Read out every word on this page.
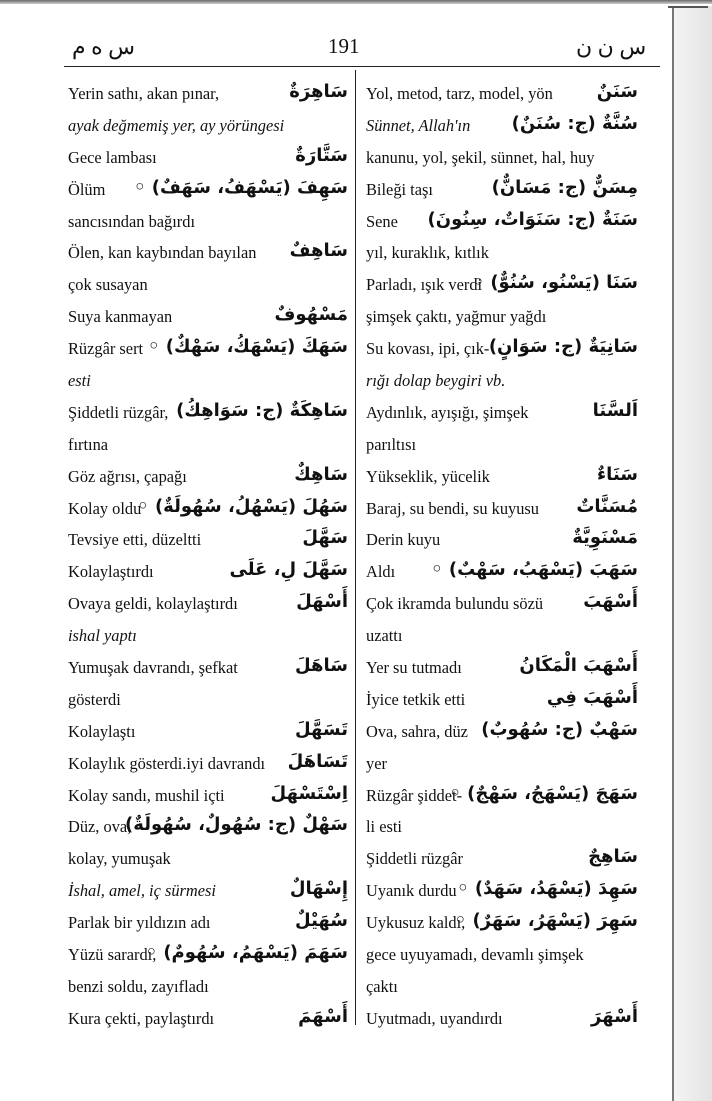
س ه م	191	س ن ن
Yerin sathı, akan pınar,	سَاهِرَةٌ
ayak değmemiş yer, ay yörüngesi
Gece lambası	سَتَّارَةٌ
Ölüm سَهِفَ (يَسْهَفُ، سَهَفٌ) ◦
sancısından bağırdı
Ölen, kan kaybından bayılan سَاهِفٌ
çok susayan
Suya kanmayan	مَسْهُوفٌ
Rüzgâr sert سَهَكَ (يَسْهَكُ، سَهْكٌ) ◦
esti
Şiddetli rüzgâr, سَاهِكَةٌ (ج: سَوَاهِكُ)
fırtına
Göz ağrısı, çapağı	سَاهِكٌ
Kolay oldu
سَهُلَ (يَسْهُلُ، سُهُولَةٌ) ◦
Tevsiye etti, düzeltti	سَهَّلَ
Kolaylaştırdı	سَهَّلَ لِ، عَلَى
Ovaya geldi, kolaylaştırdı	أَسْهَلَ
ishal yaptı
Yumuşak davrandı, şefkat	سَاهَلَ
gösterdi
Kolaylaştı	تَسَهَّلَ
Kolaylık gösterdi.iyi davrandı تَسَاهَلَ
Kolay sandı, mushil içti	اِسْتَسْهَلَ
Düz, ova,
سَهْلٌ (ج: سُهُولٌ، سُهُولَةٌ)
kolay, yumuşak
İshal, amel, iç sürmesi	إِسْهَالٌ
Parlak bir yıldızın adı	سُهَيْلٌ
Yüzü sarardı,
سَهَمَ (يَسْهَمُ، سُهُومٌ) ◦
benzi soldu, zayıfladı
Kura çekti, paylaştırdı	أَسْهَمَ
Yol, metod, tarz, model, yön سَنَنٌ
Sünnet, Allah'ın سُنَّةٌ (ج: سُنَنٌ)
kanunu, yol, şekil, sünnet, hal, huy
Bileği taşı	مِسَنٌّ (ج: مَسَانٌّ)
Sene سَنَةٌ (ج: سَنَوَاتٌ، سِنُونَ)
yıl, kuraklık, kıtlık
Parladı, ışık verdi
سَنَا (يَسْنُو، سُنُوٌّ) ◦
şimşek çaktı, yağmur yağdı
Su kovası, ipi, çık- سَانِيَةٌ (ج: سَوَانٍ)
rığı dolap beygiri vb.
Aydınlık, ayışığı, şimşek	اَلسَّنَا
parıltısı
Yükseklik, yücelik	سَنَاءٌ
Baraj, su bendi, su kuyusu مُسَنَّاتٌ
Derin kuyu	مَسْنَوِيَّةٌ
Aldı سَهَبَ (يَسْهَبُ، سَهْبٌ) ◦
Çok ikramda bulundu sözü أَسْهَبَ
uzattı
Yer su tutmadı	أَسْهَبَ الْمَكَانُ
İyice tetkik etti	أَسْهَبَ فِي
Ova, sahra, düz سَهْبٌ (ج: سُهُوبٌ)
yer
Rüzgâr şiddet-
سَهَجَ (يَسْهَجُ، سَهْجٌ) ◦
li esti
Şiddetli rüzgâr	سَاهِجٌ
Uyanık durdu سَهِدَ (يَسْهَدُ، سَهَدٌ) ◦
Uykusuz kaldı,
سَهِرَ (يَسْهَرُ، سَهَرٌ) ◦
gece uyuyamadı, devamlı şimşek
çaktı
Uyutmadı, uyandırdı	أَسْهَرَ
